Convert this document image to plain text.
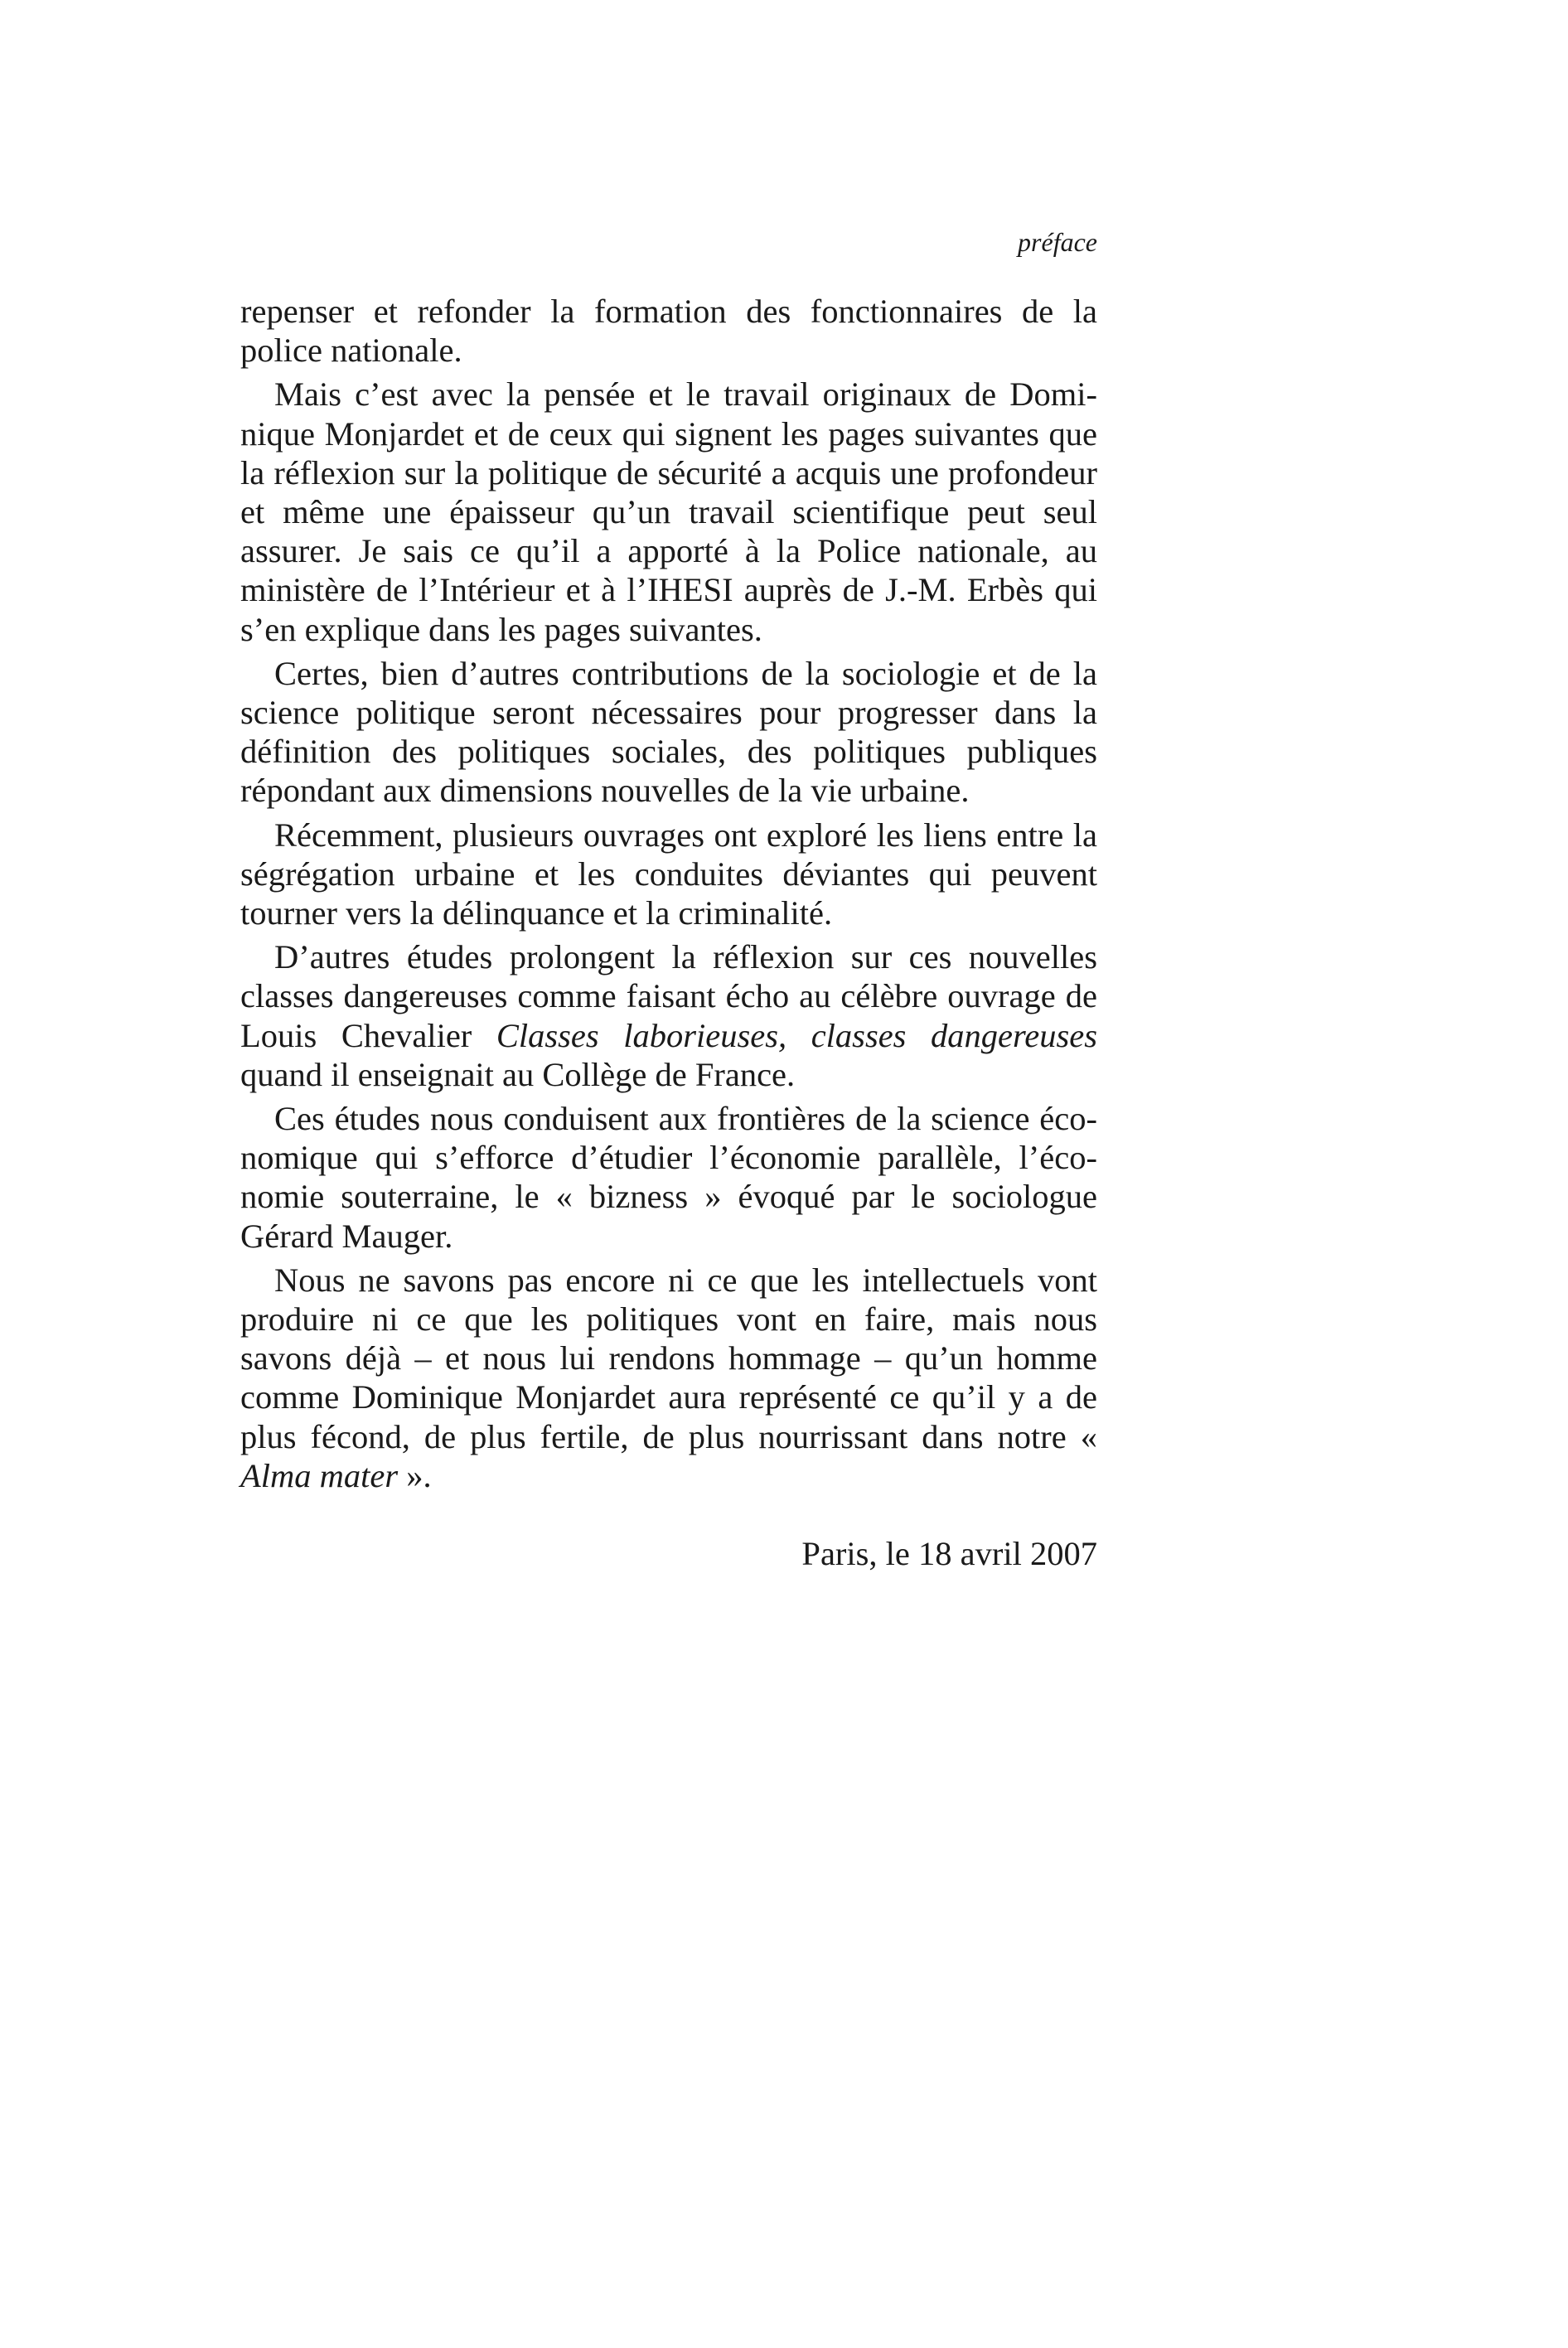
préface

repenser et refonder la formation des fonctionnaires de la police nationale.

Mais c’est avec la pensée et le travail originaux de Dominique Monjardet et de ceux qui signent les pages suivantes que la réflexion sur la politique de sécurité a acquis une profondeur et même une épaisseur qu’un travail scientifique peut seul assurer. Je sais ce qu’il a apporté à la Police nationale, au ministère de l’Intérieur et à l’IHESI auprès de J.-M. Erbès qui s’en explique dans les pages suivantes.

Certes, bien d’autres contributions de la sociologie et de la science politique seront nécessaires pour progresser dans la définition des politiques sociales, des politiques publiques répondant aux dimensions nouvelles de la vie urbaine.

Récemment, plusieurs ouvrages ont exploré les liens entre la ségrégation urbaine et les conduites déviantes qui peuvent tourner vers la délinquance et la criminalité.

D’autres études prolongent la réflexion sur ces nouvelles classes dangereuses comme faisant écho au célèbre ouvrage de Louis Chevalier Classes laborieuses, classes dangereuses quand il enseignait au Collège de France.

Ces études nous conduisent aux frontières de la science économique qui s’efforce d’étudier l’économie parallèle, l’économie souterraine, le « bizness » évoqué par le sociologue Gérard Mauger.

Nous ne savons pas encore ni ce que les intellectuels vont produire ni ce que les politiques vont en faire, mais nous savons déjà – et nous lui rendons hommage – qu’un homme comme Dominique Monjardet aura représenté ce qu’il y a de plus fécond, de plus fertile, de plus nourrissant dans notre « Alma mater ».

Paris, le 18 avril 2007
